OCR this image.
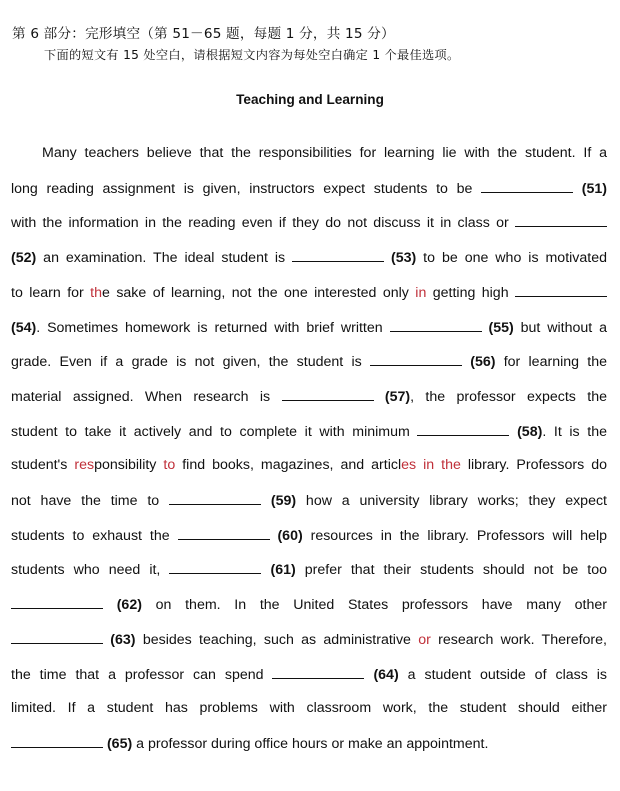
第 6 部分：完形填空（第 51－65 题，每题 1 分，共 15 分）
下面的短文有 15 处空白，请根据短文内容为每处空白确定 1 个最佳选项。
Teaching and Learning
Many teachers believe that the responsibilities for learning lie with the student. If a
long reading assignment is given, instructors expect students to be	(51)
with the information in the reading even if they do not discuss it in class or
(52) an examination. The ideal student is	(53) to be one who is motivated
to learn for the sake of learning, not the one interested only in getting high
(54). Sometimes homework is returned with brief written	(55) but without a
grade. Even if a grade is not given, the student is	(56) for learning the
material assigned. When research is	(57), the professor expects the
student to take it actively and to complete it with minimum	(58). It is the
student's responsibility to find books, magazines, and articles in the library. Professors do
not have the time to	(59) how a university library works; they expect
students to exhaust the	(60) resources in the library. Professors will help
students who need it,	(61) prefer that their students should not be too
(62) on them. In the United States professors have many other
(63) besides teaching, such as administrative or research work. Therefore,
the time that a professor can spend	(64) a student outside of class is
limited. If a student has problems with classroom work, the student should either
(65) a professor during office hours or make an appointment.
